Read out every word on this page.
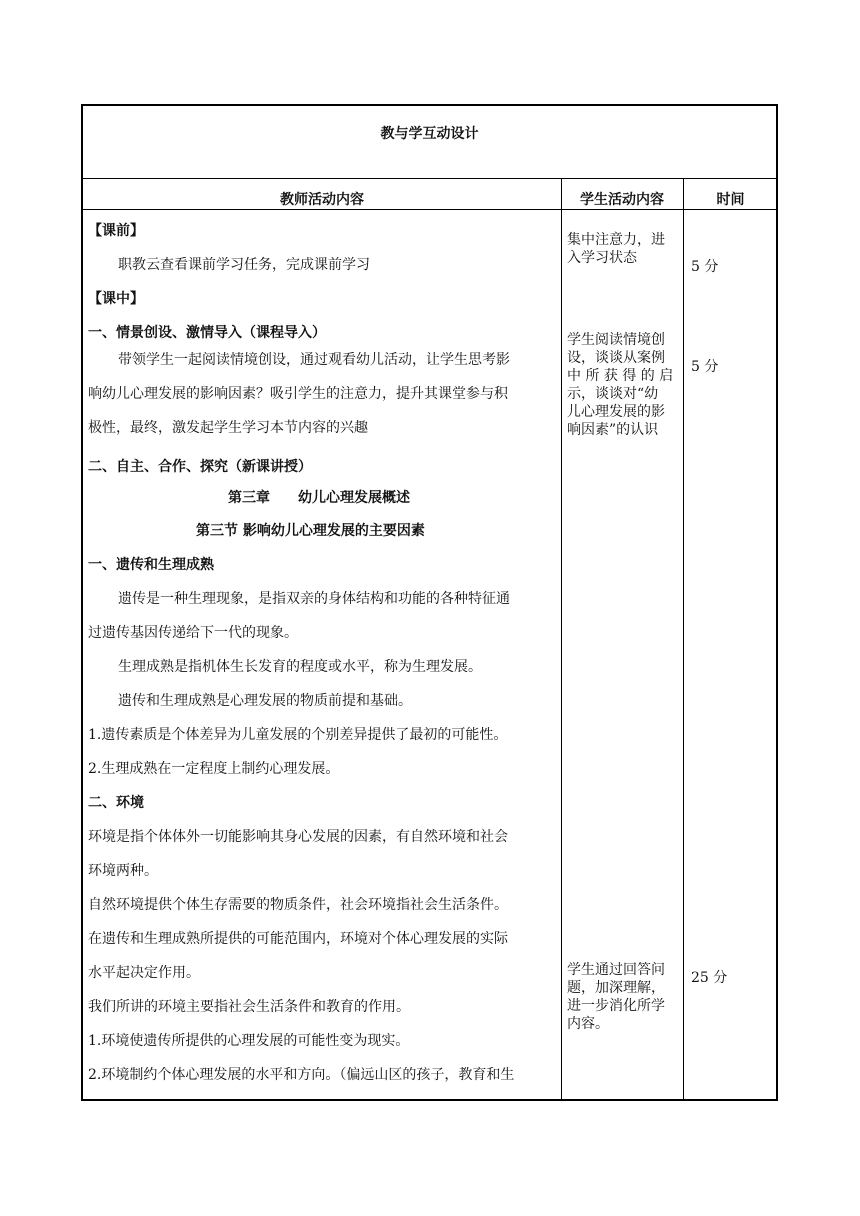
教与学互动设计
教师活动内容	学生活动内容	时间
【课前】
职教云查看课前学习任务，完成课前学习
【课中】
一、情景创设、激情导入（课程导入）
带领学生一起阅读情境创设，通过观看幼儿活动，让学生思考影
响幼儿心理发展的影响因素？吸引学生的注意力，提升其课堂参与积
极性，最终，激发起学生学习本节内容的兴趣
二、自主、合作、探究（新课讲授）
第三章　　幼儿心理发展概述
第三节 影响幼儿心理发展的主要因素
一、遗传和生理成熟
遗传是一种生理现象，是指双亲的身体结构和功能的各种特征通
过遗传基因传递给下一代的现象。
生理成熟是指机体生长发育的程度或水平，称为生理发展。
遗传和生理成熟是心理发展的物质前提和基础。
1.遗传素质是个体差异为儿童发展的个别差异提供了最初的可能性。
2.生理成熟在一定程度上制约心理发展。
二、环境
环境是指个体体外一切能影响其身心发展的因素，有自然环境和社会
环境两种。
自然环境提供个体生存需要的物质条件，社会环境指社会生活条件。
在遗传和生理成熟所提供的可能范围内，环境对个体心理发展的实际
水平起决定作用。
我们所讲的环境主要指社会生活条件和教育的作用。
1.环境使遗传所提供的心理发展的可能性变为现实。
2.环境制约个体心理发展的水平和方向。（偏远山区的孩子，教育和生
集中注意力，进
入学习状态
学生阅读情境创
设，谈谈从案例
中 所 获 得 的 启
示，谈谈对“幼
儿心理发展的影
响因素”的认识
学生通过回答问
题，加深理解，
进一步消化所学
内容。
5 分
5 分
25 分
